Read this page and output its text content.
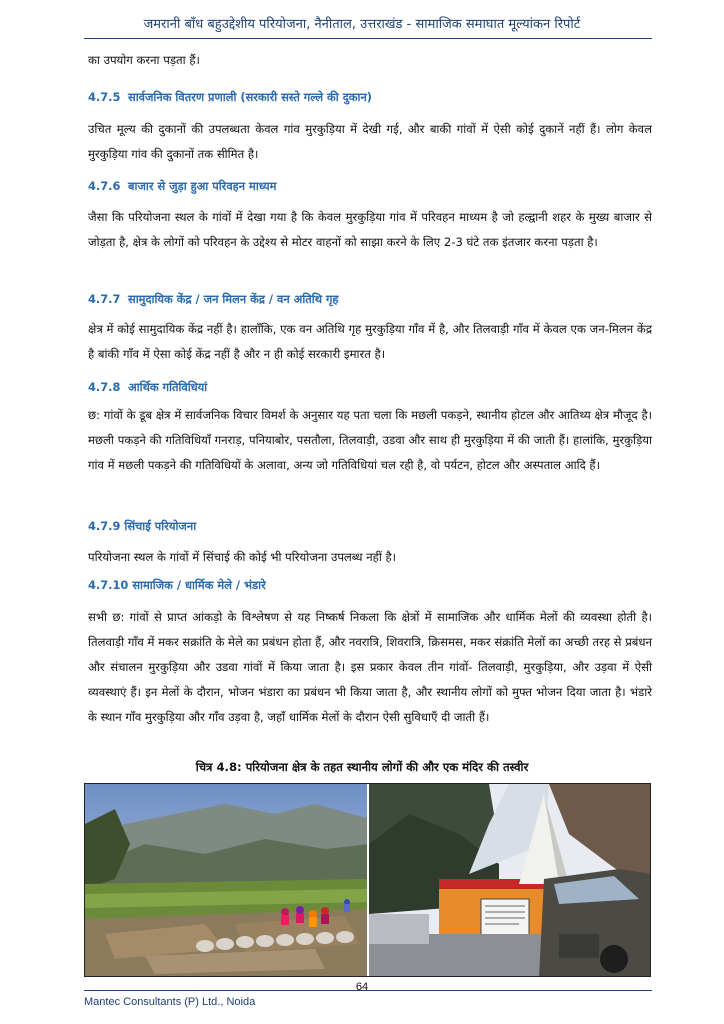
जमरानी बाँध बहुउद्देशीय परियोजना, नैनीताल, उत्तराखंड - सामाजिक समाघात मूल्यांकन रिपोर्ट
का उपयोग करना पड़ता हैं।
4.7.5 सार्वजनिक वितरण प्रणाली (सरकारी सस्ते गल्ले की दुकान)
उचित मूल्य की दुकानों की उपलब्धता केवल गांव मुरकुड़िया में देखी गई, और बाकी गांवों में ऐसी कोई दुकानें नहीं हैं। लोग केवल मुरकुड़िया गांव की दुकानों तक सीमित है।
4.7.6 बाजार से जुड़ा हुआ परिवहन माध्यम
जैसा कि परियोजना स्थल के गांवों में देखा गया है कि केवल मुरकुड़िया गांव में परिवहन माध्यम है जो हल्द्वानी शहर के मुख्य बाजार से जोड़ता है, क्षेत्र के लोगों को परिवहन के उद्देश्य से मोटर वाहनों को साझा करने के लिए 2-3 घंटे तक इंतजार करना पड़ता है।
4.7.7 सामुदायिक केंद्र / जन मिलन केंद्र / वन अतिथि गृह
क्षेत्र में कोई सामुदायिक केंद्र नहीं है। हालाँकि, एक वन अतिथि गृह मुरकुड़िया गाँव में है, और तिलवाड़ी गाँव में केवल एक जन-मिलन केंद्र है बांकी गाँव में ऐसा कोई केंद्र नहीं है और न ही कोई सरकारी इमारत है।
4.7.8 आर्थिक गतिविधियां
छ: गांवों के डूब क्षेत्र में सार्वजनिक विचार विमर्श के अनुसार यह पता चला कि मछली पकड़ने, स्थानीय होटल और आतिथ्य क्षेत्र मौजूद है। मछली पकड़ने की गतिविधियाँ गनराड़, पनियाबोर, पसतौला, तिलवाड़ी, उडवा और साथ ही मुरकुड़िया में की जाती हैं। हालांकि, मुरकुड़िया गांव में मछली पकड़ने की गतिविधियों के अलावा, अन्य जो गतिविधियां चल रही है, वो पर्यटन, होटल और अस्पताल आदि हैं।
4.7.9 सिंचाई परियोजना
परियोजना स्थल के गांवों में सिंचाई की कोई भी परियोजना उपलब्ध नहीं है।
4.7.10 सामाजिक / धार्मिक मेले / भंडारे
सभी छ: गांवों से प्राप्त आंकड़ो के विश्लेषण से यह निष्कर्ष निकला कि क्षेत्रों में सामाजिक और धार्मिक मेलों की व्यवस्था होती है। तिलवाड़ी गाँव में मकर सक्रांति के मेले का प्रबंधन होता हैं, और नवरात्रि, शिवरात्रि, क्रिसमस, मकर संक्रांति मेलों का अच्छी तरह से प्रबंधन और संचालन मुरकुड़िया और उडवा गांवों में किया जाता है। इस प्रकार केवल तीन गांवों- तिलवाड़ी, मुरकुड़िया, और उड़वा में ऐसी व्यवस्थाएं हैं। इन मेलों के दौरान, भोजन भंडारा का प्रबंधन भी किया जाता है, और स्थानीय लोगों को मुफ्त भोजन दिया जाता है। भंडारे के स्थान गाँव मुरकुड़िया और गाँव उड़वा है, जहाँ धार्मिक मेलों के दौरान ऐसी सुविधाएँ दी जाती हैं।
चित्र 4.8: परियोजना क्षेत्र के तहत स्थानीय लोगों की और एक मंदिर की तस्वीर
64
Mantec Consultants (P) Ltd., Noida
